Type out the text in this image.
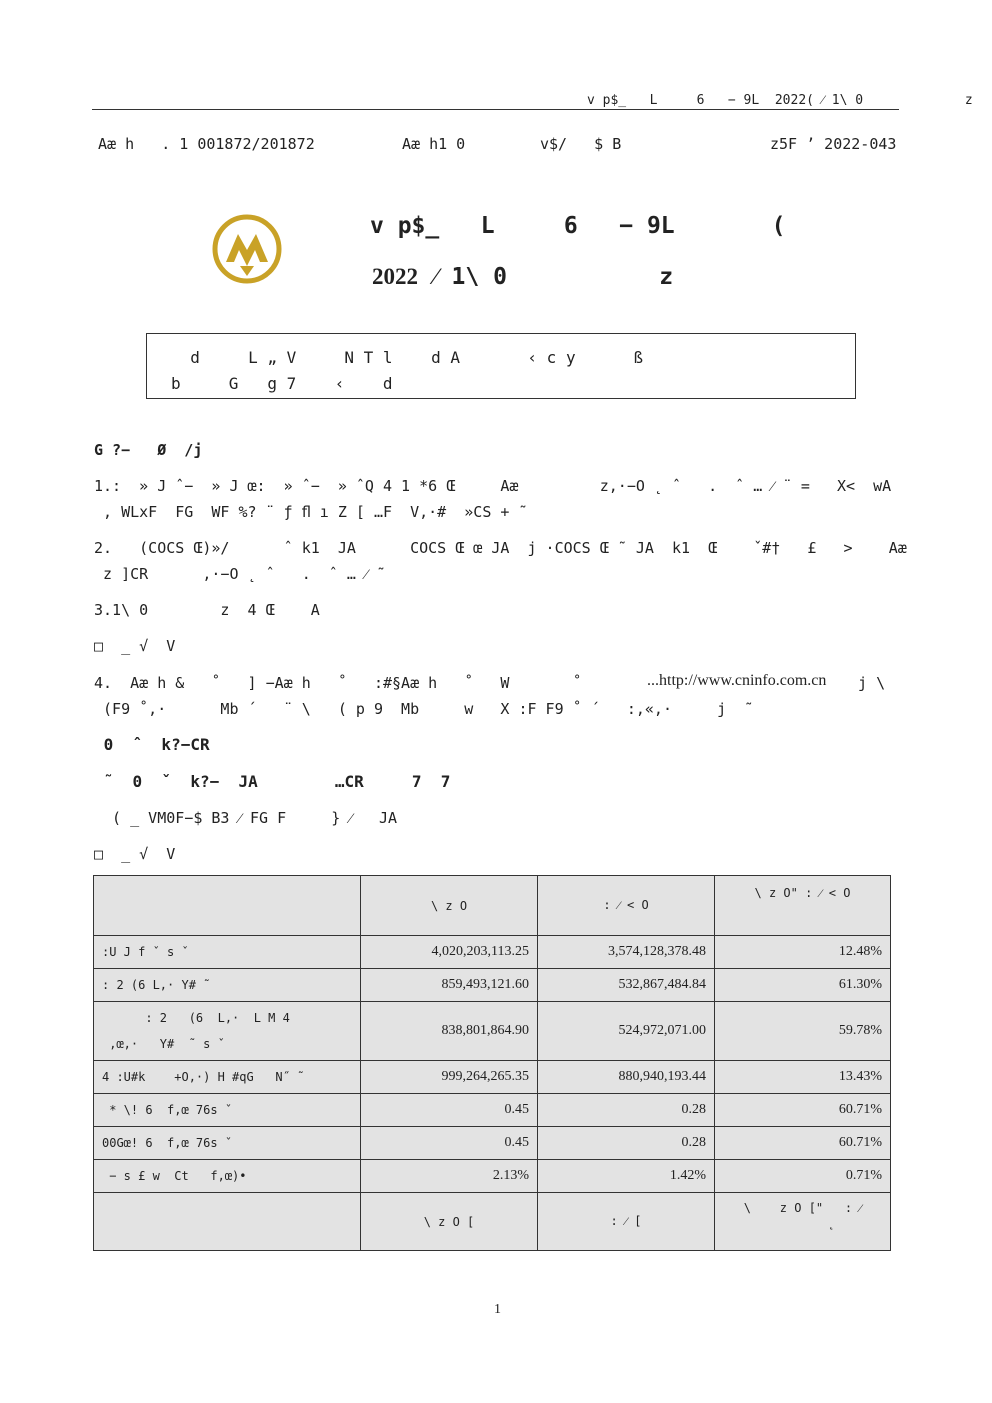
v p$_   L     6   − 9L  2022( ⁄ 1\ 0             z
Aæ h   . 1 001872/201872	Aæ h1 0	v$/   $ B	z5F ’ 2022-043
v p$_   L     6   − 9L       (
2022 ⁄ 1\ 0           z
d     L „ V     N T l    d A       ‹ c y      ß
b     G   g 7    ‹    d
G ?−   Ø  /j
1.:  » J ˆ−  » J œ:  » ˆ−  » ˆQ 4 1 *6 Œ     Aæ         z,·−O ˛ ˆ   .  ˆ … ⁄ ¨ =   X<  wA
, WLxF  FG  WF %? ¨ ƒ ﬂ ı Z [ …F  V,·#  »CS + ˜
2.   (COCS Œ)»/      ˆ k1  JA      COCS Œ œ JA  j ·COCS Œ ˜ JA  k1  Œ    ˇ#†   £   >    Aæ
z ]CR      ,·−O ˛ ˆ   .  ˆ … ⁄ ˜
3.1\ 0        z  4 Œ    A
□  _ √  V
4.  Aæ h &   ˚   ] −Aæ h   ˚   :#§Aæ h   ˚   W       ˚	...http://www.cninfo.com.cn j \
(F9 ˚,·      Mb ´   ¨ \   ( p 9  Mb     w   X :F F9 ˚ ´   :,«,·     j  ˜
0  ˆ  k?−CR
˜  0  ˇ  k?−  JA        …CR     7  7
( _ VM0F−$ B3 ⁄ FG F     } ⁄   JA
□  _ √  V
	\ z O	: ⁄ < O	\ z O" : ⁄ < O
:U J f ˇ s ˇ	4,020,203,113.25	3,574,128,378.48	12.48%
: 2 (6 L,· Y# ˜	859,493,121.60	532,867,484.84	61.30%

: 2   (6  L,·  L M 4
,œ,·   Y#  ˜ s ˇ	838,801,864.90	524,972,071.00	59.78%
4 :U#k    +O,·) H #qG   N˝ ˜	999,264,265.35	880,940,193.44	13.43%
* \! 6  f,œ 76s ˇ	0.45	0.28	60.71%
00Gœ! 6  f,œ 76s ˇ	0.45	0.28	60.71%
− s £ w  Ct   f,œ)•	2.13%	1.42%	0.71%
	\ z O [	: ⁄ [	\    z O ["   : ⁄
˛
1
